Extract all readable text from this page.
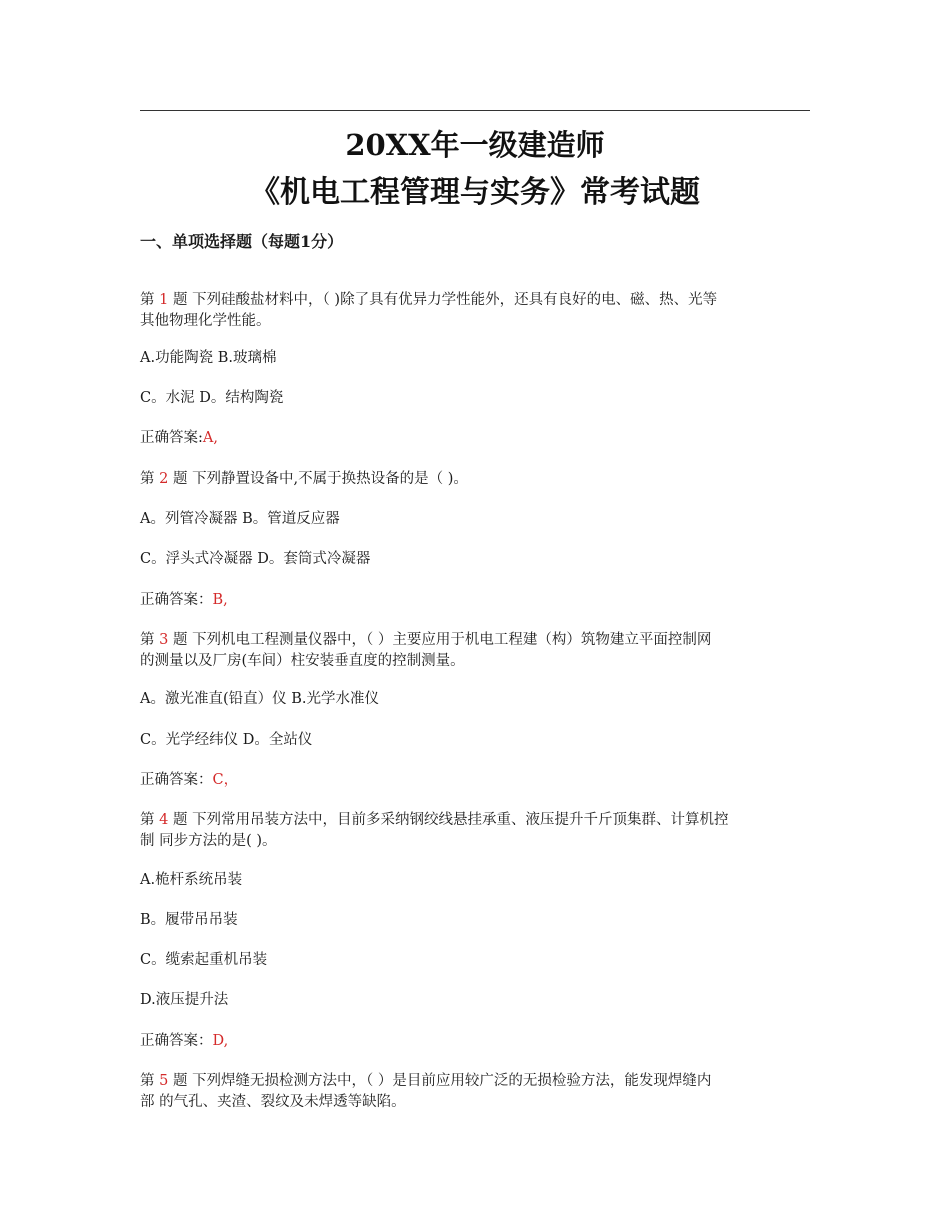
20XX年一级建造师
《机电工程管理与实务》常考试题
一、单项选择题（每题1分）
第 1 题 下列硅酸盐材料中，（ )除了具有优异力学性能外，还具有良好的电、磁、热、光等
其他物理化学性能。
A.功能陶瓷 B.玻璃棉
C。水泥 D。结构陶瓷
正确答案:A,
第 2 题 下列静置设备中,不属于换热设备的是（ )。
A。列管冷凝器 B。管道反应器
C。浮头式冷凝器 D。套筒式冷凝器
正确答案：B,
第 3 题 下列机电工程测量仪器中，（ ）主要应用于机电工程建（构）筑物建立平面控制网
的测量以及厂房(车间）柱安装垂直度的控制测量。
A。激光准直(铅直）仪 B.光学水准仪
C。光学经纬仪 D。全站仪
正确答案：C，
第 4 题 下列常用吊装方法中，目前多采纳钢绞线悬挂承重、液压提升千斤顶集群、计算机控
制 同步方法的是( )。
A.桅杆系统吊装
B。履带吊吊装
C。缆索起重机吊装
D.液压提升法
正确答案：D,
第 5 题 下列焊缝无损检测方法中，（ ）是目前应用较广泛的无损检验方法，能发现焊缝内
部 的气孔、夹渣、裂纹及未焊透等缺陷。
